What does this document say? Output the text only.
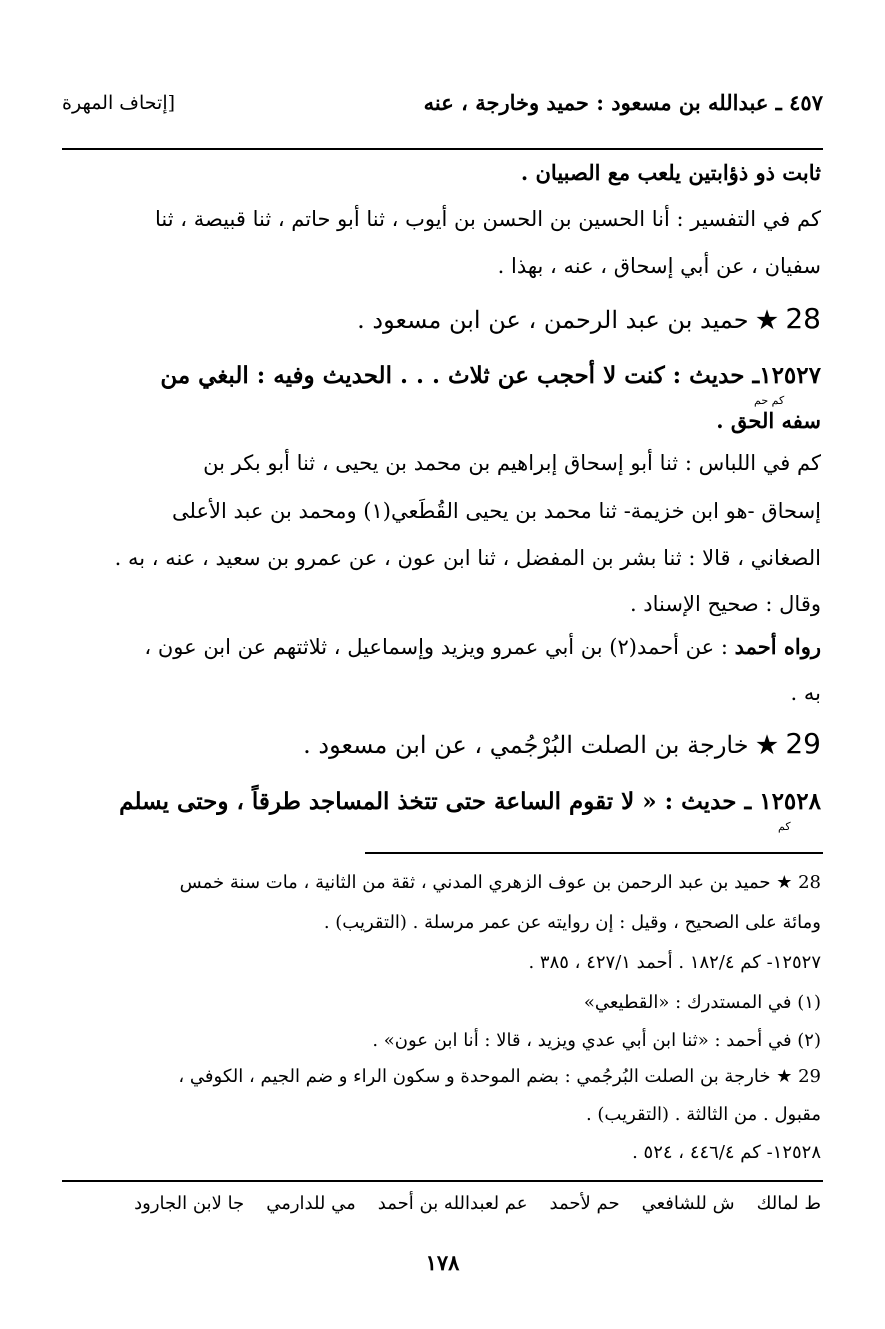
[إتحاف المهرة	٤٥٧ ـ عبدالله بن مسعود : حميد وخارجة ، عنه
ثابت ذو ذؤابتين يلعب مع الصبيان .
كم في التفسير : أنا الحسين بن الحسن بن أيوب ، ثنا أبو حاتم ، ثنا قبيصة ، ثنا
سفيان ، عن أبي إسحاق ، عنه ، بهذا .
28 ★ حميد بن عبد الرحمن ، عن ابن مسعود .
١٢٥٢٧ـ حديث : كنت لا أحجب عن ثلاث . . . الحديث وفيه : البغي من
كم حم
سفه الحق .
كم في اللباس : ثنا أبو إسحاق إبراهيم بن محمد بن يحيى ، ثنا أبو بكر بن
إسحاق -هو ابن خزيمة- ثنا محمد بن يحيى القُطَعي(١) ومحمد بن عبد الأعلى
الصغاني ، قالا : ثنا بشر بن المفضل ، ثنا ابن عون ، عن عمرو بن سعيد ، عنه ، به .
وقال : صحيح الإسناد .
رواه أحمد : عن أحمد(٢) بن أبي عمرو ويزيد وإسماعيل ، ثلاثتهم عن ابن عون ،
به .
29 ★ خارجة بن الصلت البُرْجُمي ، عن ابن مسعود .
١٢٥٢٨ ـ حديث : « لا تقوم الساعة حتى تتخذ المساجد طرقاً ، وحتى يسلم
كم
28 ★ حميد بن عبد الرحمن بن عوف الزهري المدني ، ثقة من الثانية ، مات سنة خمس
ومائة على الصحيح ، وقيل : إن روايته عن عمر مرسلة . (التقريب) .
١٢٥٢٧- كم ١٨٢/٤ . أحمد ٤٢٧/١ ، ٣٨٥ .
(١) في المستدرك : «القطيعي»
(٢) في أحمد : «ثنا ابن أبي عدي ويزيد ، قالا : أنا ابن عون» .
29 ★ خارجة بن الصلت البُرجُمي : بضم الموحدة و سكون الراء و ضم الجيم ، الكوفي ،
مقبول . من الثالثة . (التقريب) .
١٢٥٢٨- كم ٤٤٦/٤ ، ٥٢٤ .
ط لمالك
ش للشافعي
حم لأحمد
عم لعبدالله بن أحمد
مي للدارمي
جا لابن الجارود
١٧٨
